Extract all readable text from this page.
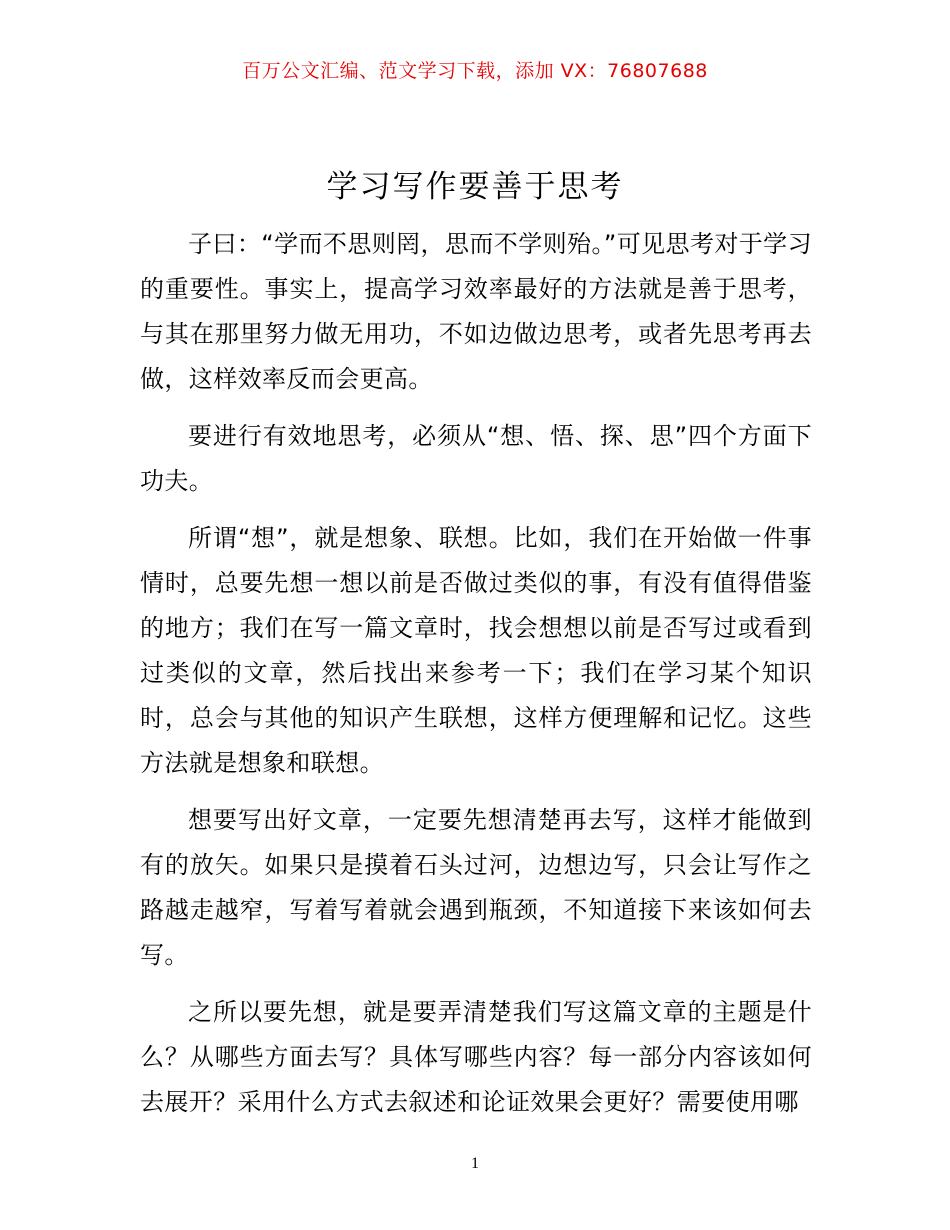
百万公文汇编、范文学习下载，添加 VX：76807688
学习写作要善于思考

子曰：“学而不思则罔，思而不学则殆。”可见思考对于学习的重要性。事实上，提高学习效率最好的方法就是善于思考，与其在那里努力做无用功，不如边做边思考，或者先思考再去做，这样效率反而会更高。

要进行有效地思考，必须从“想、悟、探、思”四个方面下功夫。

所谓“想”，就是想象、联想。比如，我们在开始做一件事情时，总要先想一想以前是否做过类似的事，有没有值得借鉴的地方；我们在写一篇文章时，找会想想以前是否写过或看到过类似的文章，然后找出来参考一下；我们在学习某个知识时，总会与其他的知识产生联想，这样方便理解和记忆。这些方法就是想象和联想。

想要写出好文章，一定要先想清楚再去写，这样才能做到有的放矢。如果只是摸着石头过河，边想边写，只会让写作之路越走越窄，写着写着就会遇到瓶颈，不知道接下来该如何去写。

之所以要先想，就是要弄清楚我们写这篇文章的主题是什么？从哪些方面去写？具体写哪些内容？每一部分内容该如何去展开？采用什么方式去叙述和论证效果会更好？需要使用哪

1
